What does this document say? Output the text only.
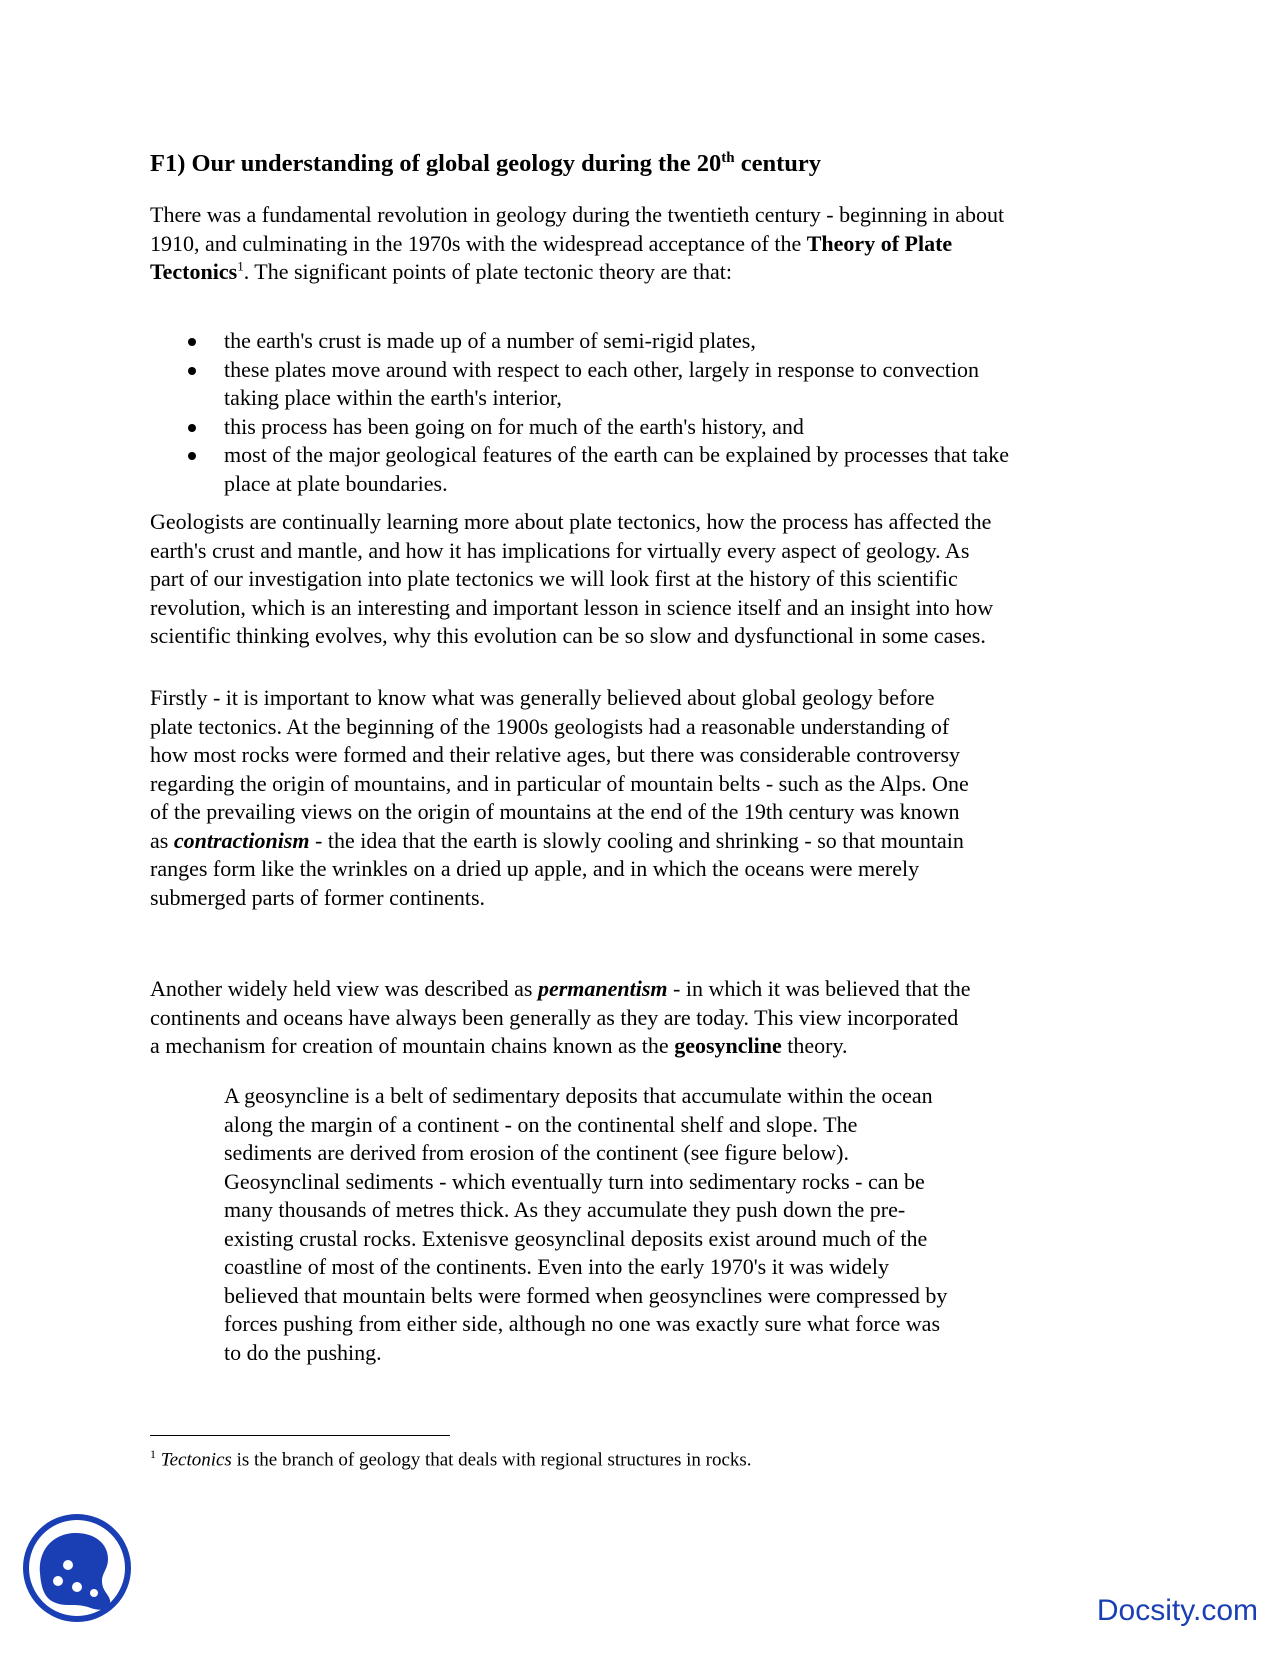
F1) Our understanding of global geology during the 20th century

There was a fundamental revolution in geology during the twentieth century - beginning in about
1910, and culminating in the 1970s with the widespread acceptance of the Theory of Plate
Tectonics$^1$. The significant points of plate tectonic theory are that:

the earth's crust is made up of a number of semi-rigid plates,
these plates move around with respect to each other, largely in response to convection
taking place within the earth's interior,
this process has been going on for much of the earth's history, and
most of the major geological features of the earth can be explained by processes that take
place at plate boundaries.

Geologists are continually learning more about plate tectonics, how the process has affected the
earth's crust and mantle, and how it has implications for virtually every aspect of geology. As
part of our investigation into plate tectonics we will look first at the history of this scientific
revolution, which is an interesting and important lesson in science itself and an insight into how
scientific thinking evolves, why this evolution can be so slow and dysfunctional in some cases.

Firstly - it is important to know what was generally believed about global geology before
plate tectonics. At the beginning of the 1900s geologists had a reasonable understanding of
how most rocks were formed and their relative ages, but there was considerable controversy
regarding the origin of mountains, and in particular of mountain belts - such as the Alps. One
of the prevailing views on the origin of mountains at the end of the 19th century was known
as contractionism - the idea that the earth is slowly cooling and shrinking - so that mountain
ranges form like the wrinkles on a dried up apple, and in which the oceans were merely
submerged parts of former continents.

Another widely held view was described as permanentism - in which it was believed that the
continents and oceans have always been generally as they are today. This view incorporated
a mechanism for creation of mountain chains known as the geosyncline theory.

A geosyncline is a belt of sedimentary deposits that accumulate within the ocean
along the margin of a continent - on the continental shelf and slope. The
sediments are derived from erosion of the continent (see figure below).
Geosynclinal sediments - which eventually turn into sedimentary rocks - can be
many thousands of metres thick. As they accumulate they push down the pre-
existing crustal rocks. Extenisve geosynclinal deposits exist around much of the
coastline of most of the continents. Even into the early 1970's it was widely
believed that mountain belts were formed when geosynclines were compressed by
forces pushing from either side, although no one was exactly sure what force was
to do the pushing.

$^1$ Tectonics is the branch of geology that deals with regional structures in rocks.

Docsity.com
